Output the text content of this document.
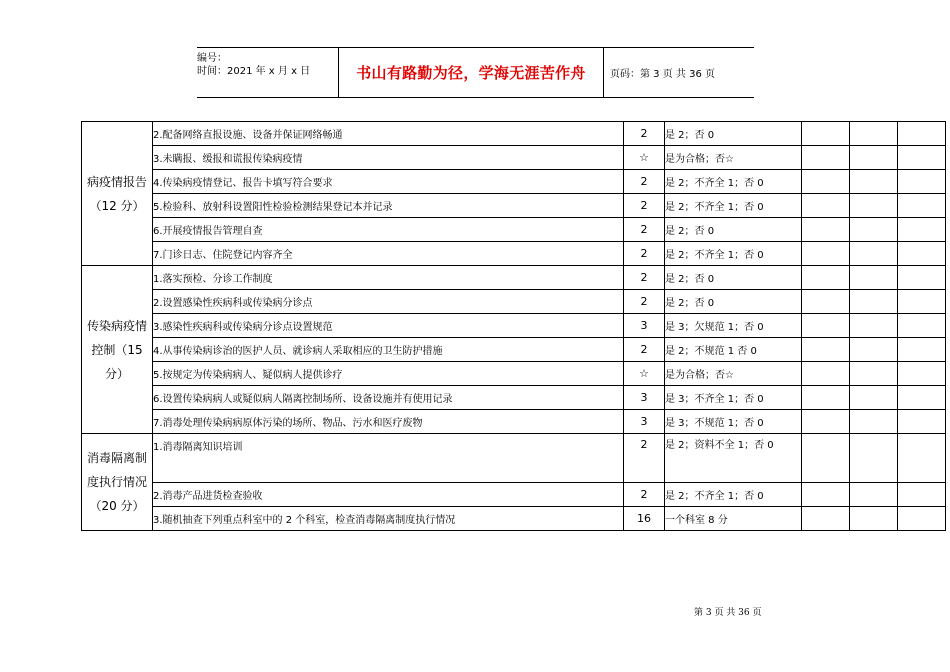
编号：
时间：2021 年 x 月 x 日	书山有路勤为径，学海无涯苦作舟	页码：第 3 页 共 36 页
病疫情报告（12 分）	2.配备网络直报设施、设备并保证网络畅通	2	是 2；否 0			
	3.未瞒报、缓报和谎报传染病疫情	☆	是为合格；否☆			
	4.传染病疫情登记、报告卡填写符合要求	2	是 2；不齐全 1；否 0			
	5.检验科、放射科设置阳性检验检测结果登记本并记录	2	是 2；不齐全 1；否 0			
	6.开展疫情报告管理自查	2	是 2；否 0			
	7.门诊日志、住院登记内容齐全	2	是 2；不齐全 1；否 0			
传染病疫情控制（15 分）	1.落实预检、分诊工作制度	2	是 2；否 0			
	2.设置感染性疾病科或传染病分诊点	2	是 2；否 0			
	3.感染性疾病科或传染病分诊点设置规范	3	是 3；欠规范 1；否 0			
	4.从事传染病诊治的医护人员、就诊病人采取相应的卫生防护措施	2	是 2；不规范 1 否 0			
	5.按规定为传染病病人、疑似病人提供诊疗	☆	是为合格；否☆			
	6.设置传染病病人或疑似病人隔离控制场所、设备设施并有使用记录	3	是 3；不齐全 1；否 0			
	7.消毒处理传染病病原体污染的场所、物品、污水和医疗废物	3	是 3；不规范 1；否 0			
消毒隔离制度执行情况（20 分）	1.消毒隔离知识培训	2	是 2；资料不全 1；否 0			
	2.消毒产品进货检查验收	2	是 2；不齐全 1；否 0			
	3.随机抽查下列重点科室中的 2 个科室，检查消毒隔离制度执行情况	16	一个科室 8 分			
第 3 页 共 36 页
